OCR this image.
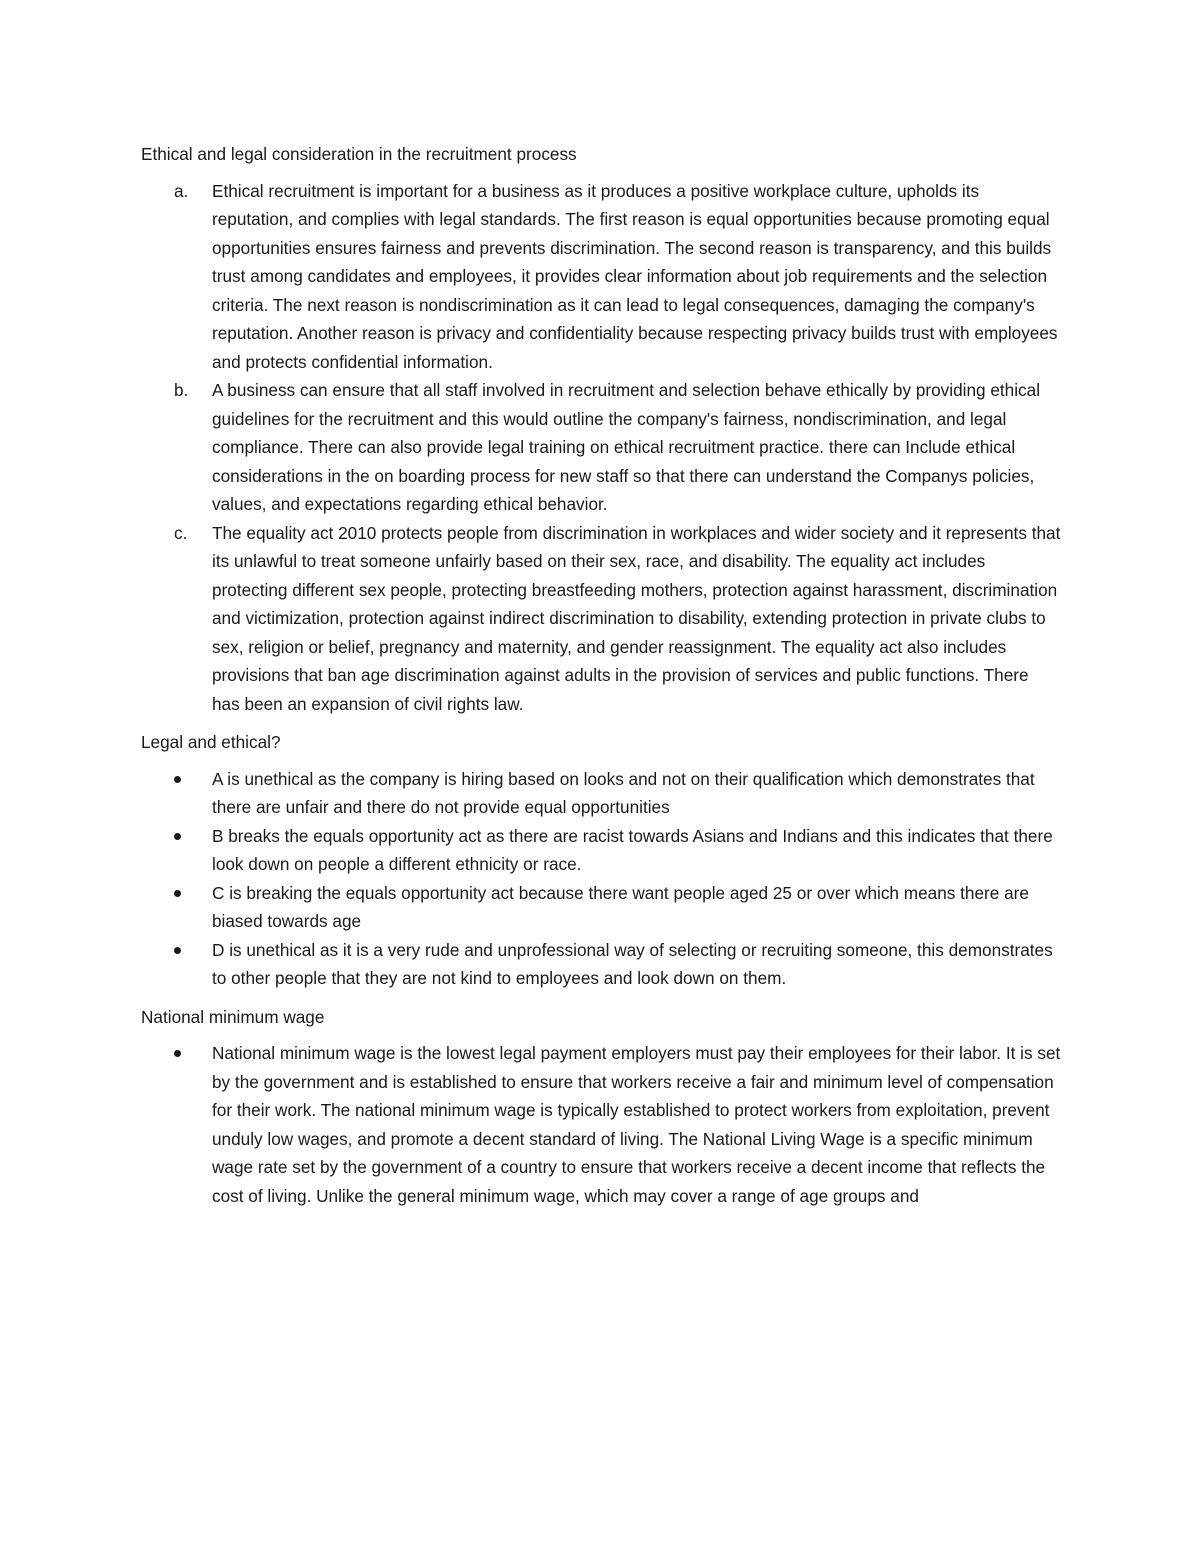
Ethical and legal consideration in the recruitment process

a. Ethical recruitment is important for a business as it produces a positive workplace culture, upholds its reputation, and complies with legal standards. The first reason is equal opportunities because promoting equal opportunities ensures fairness and prevents discrimination. The second reason is transparency, and this builds trust among candidates and employees, it provides clear information about job requirements and the selection criteria. The next reason is nondiscrimination as it can lead to legal consequences, damaging the company's reputation. Another reason is privacy and confidentiality because respecting privacy builds trust with employees and protects confidential information.
b. A business can ensure that all staff involved in recruitment and selection behave ethically by providing ethical guidelines for the recruitment and this would outline the company's fairness, nondiscrimination, and legal compliance. There can also provide legal training on ethical recruitment practice. there can Include ethical considerations in the on boarding process for new staff so that there can understand the Companys policies, values, and expectations regarding ethical behavior.
c. The equality act 2010 protects people from discrimination in workplaces and wider society and it represents that its unlawful to treat someone unfairly based on their sex, race, and disability. The equality act includes protecting different sex people, protecting breastfeeding mothers, protection against harassment, discrimination and victimization, protection against indirect discrimination to disability, extending protection in private clubs to sex, religion or belief, pregnancy and maternity, and gender reassignment. The equality act also includes provisions that ban age discrimination against adults in the provision of services and public functions. There has been an expansion of civil rights law.

Legal and ethical?

A is unethical as the company is hiring based on looks and not on their qualification which demonstrates that there are unfair and there do not provide equal opportunities
B breaks the equals opportunity act as there are racist towards Asians and Indians and this indicates that there look down on people a different ethnicity or race.
C is breaking the equals opportunity act because there want people aged 25 or over which means there are biased towards age
D is unethical as it is a very rude and unprofessional way of selecting or recruiting someone, this demonstrates to other people that they are not kind to employees and look down on them.

National minimum wage

National minimum wage is the lowest legal payment employers must pay their employees for their labor. It is set by the government and is established to ensure that workers receive a fair and minimum level of compensation for their work. The national minimum wage is typically established to protect workers from exploitation, prevent unduly low wages, and promote a decent standard of living. The National Living Wage is a specific minimum wage rate set by the government of a country to ensure that workers receive a decent income that reflects the cost of living. Unlike the general minimum wage, which may cover a range of age groups and
